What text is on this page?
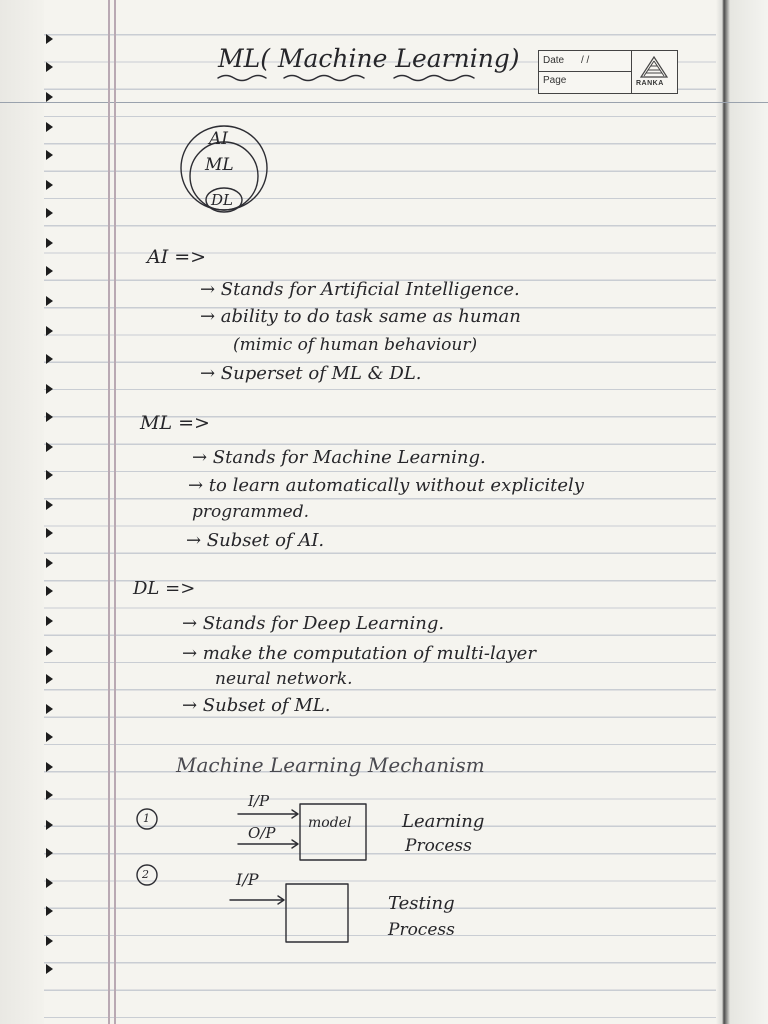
ML( Machine Learning) Date / /
Page	RANKA
AI
ML
DL
AI =>
→ Stands for Artificial Intelligence.
→ ability to do task same as human
(mimic of human behaviour)
→ Superset of ML & DL.
ML =>
→ Stands for Machine Learning.
→ to learn automatically without explicitely
programmed.
→ Subset of AI.
DL =>
→ Stands for Deep Learning.
→ make the computation of multi-layer
neural network.
→ Subset of ML.
Machine Learning Mechanism
1
I/P
O/P
model	Learning
Process
2	I/P
Testing
Process
